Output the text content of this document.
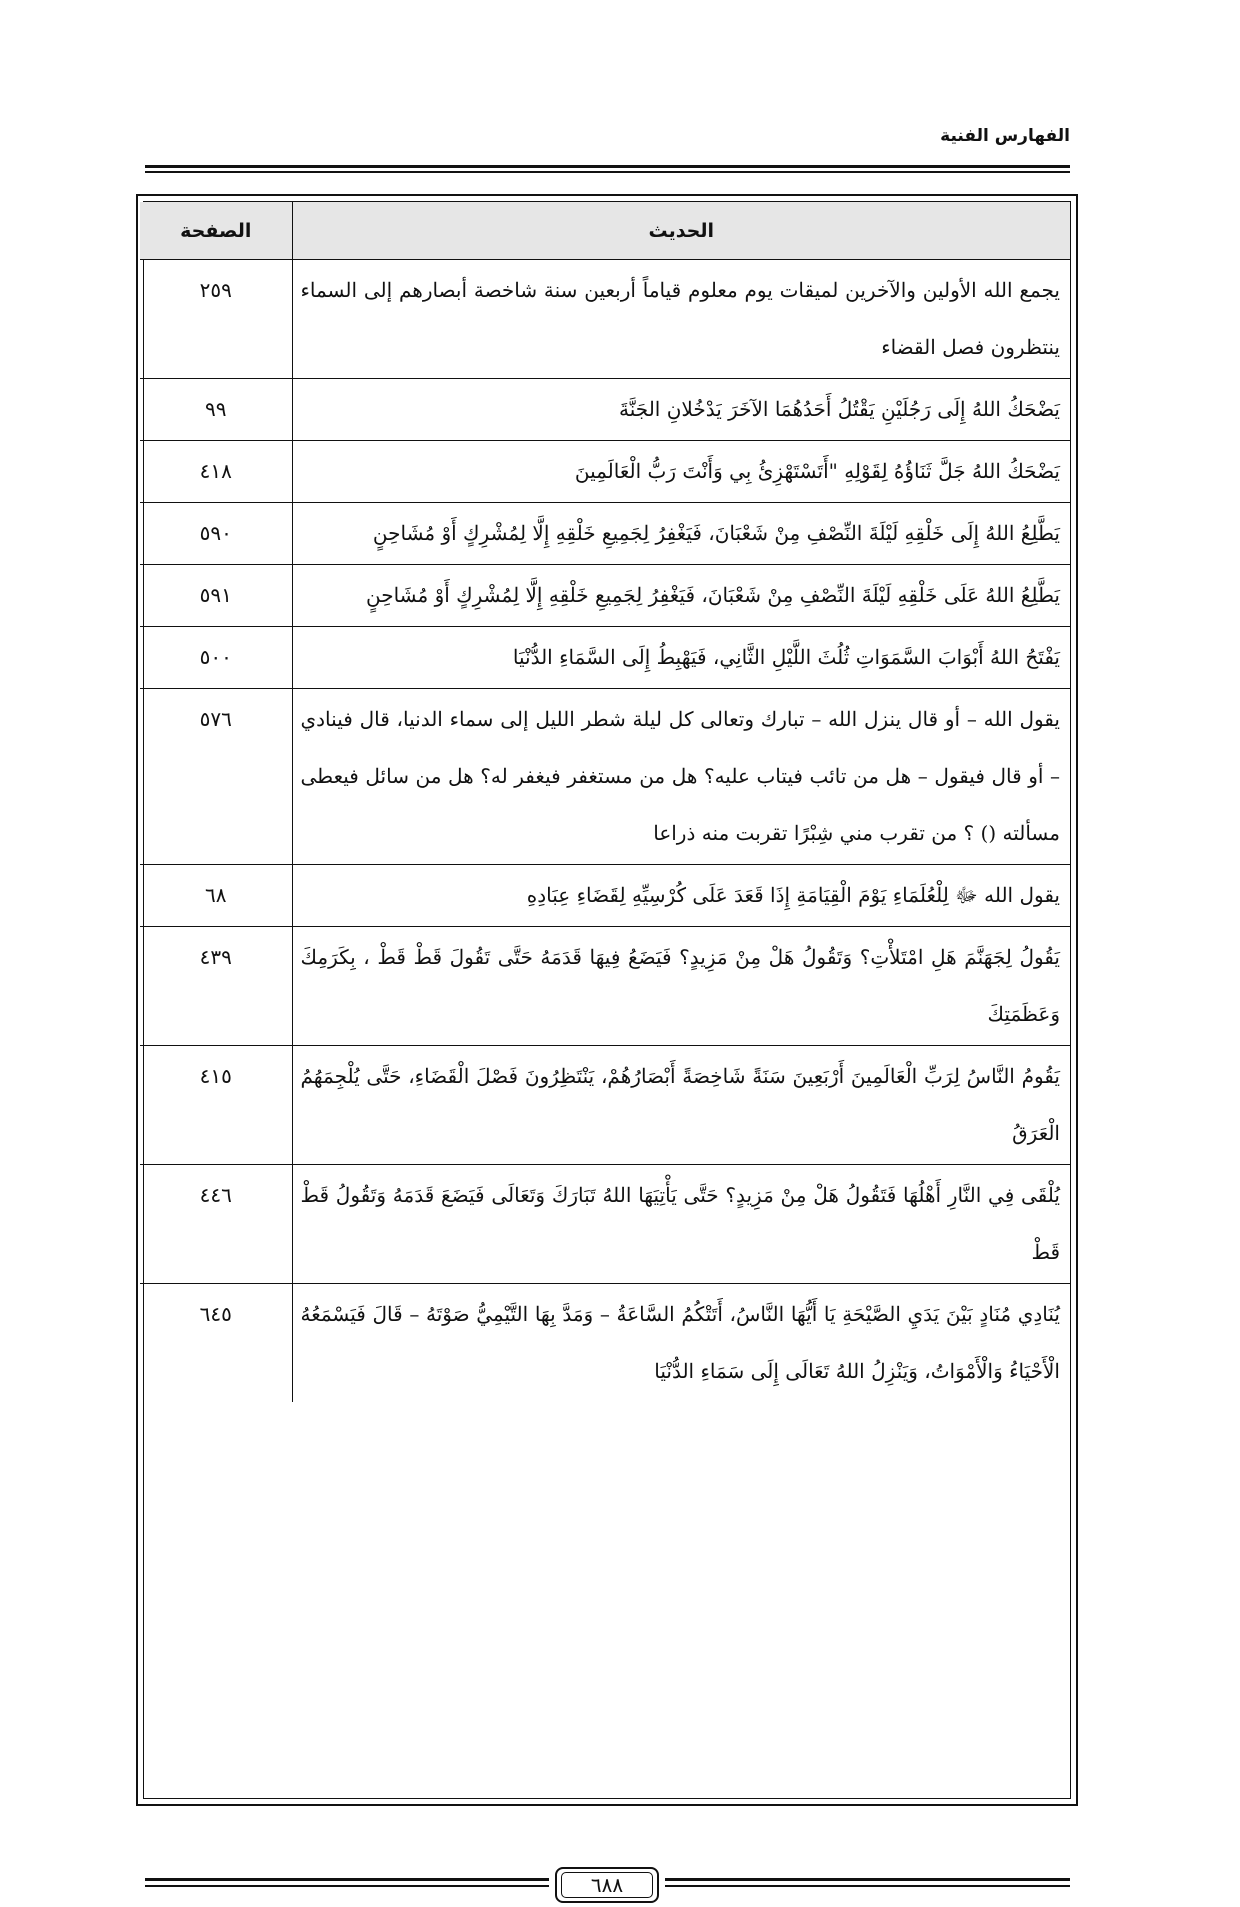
الفهارس الفنية
الحديث	الصفحة
يجمع الله الأولين والآخرين لميقات يوم معلوم قياماً أربعين سنة شاخصة أبصارهم إلى السماء ينتظرون فصل القضاء	٢٥٩
يَضْحَكُ اللهُ إِلَى رَجُلَيْنِ يَقْتُلُ أَحَدُهُمَا الآخَرَ يَدْخُلانِ الجَنَّةَ	٩٩
يَضْحَكُ اللهُ جَلَّ ثَنَاؤُهُ لِقَوْلِهِ "أَتَسْتَهْزِئُ بِي وَأَنْتَ رَبُّ الْعَالَمِينَ	٤١٨
يَطَّلِعُ اللهُ إِلَى خَلْقِهِ لَيْلَةَ النِّصْفِ مِنْ شَعْبَانَ، فَيَغْفِرُ لِجَمِيعِ خَلْقِهِ إِلَّا لِمُشْرِكٍ أَوْ مُشَاحِنٍ	٥٩٠
يَطَّلِعُ اللهُ عَلَى خَلْقِهِ لَيْلَةَ النِّصْفِ مِنْ شَعْبَانَ، فَيَغْفِرُ لِجَمِيعِ خَلْقِهِ إِلَّا لِمُشْرِكٍ أَوْ مُشَاحِنٍ	٥٩١
يَفْتَحُ اللهُ أَبْوَابَ السَّمَوَاتِ ثُلُثَ اللَّيْلِ الثَّانِي، فَيَهْبِطُ إِلَى السَّمَاءِ الدُّنْيَا	٥٠٠
يقول الله – أو قال ينزل الله – تبارك وتعالى كل ليلة شطر الليل إلى سماء الدنيا، قال فينادي – أو قال فيقول – هل من تائب فيتاب عليه؟ هل من مستغفر فيغفر له؟ هل من سائل فيعطى مسألته () ؟ من تقرب مني شِبْرًا تقربت منه ذراعا	٥٧٦
يقول الله ﷻ لِلْعُلَمَاءِ يَوْمَ الْقِيَامَةِ إِذَا قَعَدَ عَلَى كُرْسِيِّهِ لِقَضَاءِ عِبَادِهِ	٦٨
يَقُولُ لِجَهَنَّمَ هَلِ امْتَلأْتِ؟ وَتَقُولُ هَلْ مِنْ مَزِيدٍ؟ فَيَضَعُ فِيهَا قَدَمَهُ حَتَّى تَقُولَ قَطْ قَطْ ، بِكَرَمِكَ وَعَظَمَتِكَ	٤٣٩
يَقُومُ النَّاسُ لِرَبِّ الْعَالَمِينَ أَرْبَعِينَ سَنَةً شَاخِصَةً أَبْصَارُهُمْ، يَنْتَظِرُونَ فَصْلَ الْقَضَاءِ، حَتَّى يُلْجِمَهُمُ الْعَرَقُ	٤١٥
يُلْقَى فِي النَّارِ أَهْلُهَا فَتَقُولُ هَلْ مِنْ مَزِيدٍ؟ حَتَّى يَأْتِيَهَا اللهُ تَبَارَكَ وَتَعَالَى فَيَضَعَ قَدَمَهُ وَتَقُولُ قَطْ قَطْ	٤٤٦
يُنَادِي مُنَادٍ بَيْنَ يَدَيِ الصَّيْحَةِ يَا أَيُّهَا النَّاسُ، أَتَتْكُمُ السَّاعَةُ – وَمَدَّ بِهَا التَّيْمِيُّ صَوْتَهُ – قَالَ فَيَسْمَعُهُ الْأَحْيَاءُ وَالْأَمْوَاتُ، وَيَنْزِلُ اللهُ تَعَالَى إِلَى سَمَاءِ الدُّنْيَا	٦٤٥
٦٨٨
